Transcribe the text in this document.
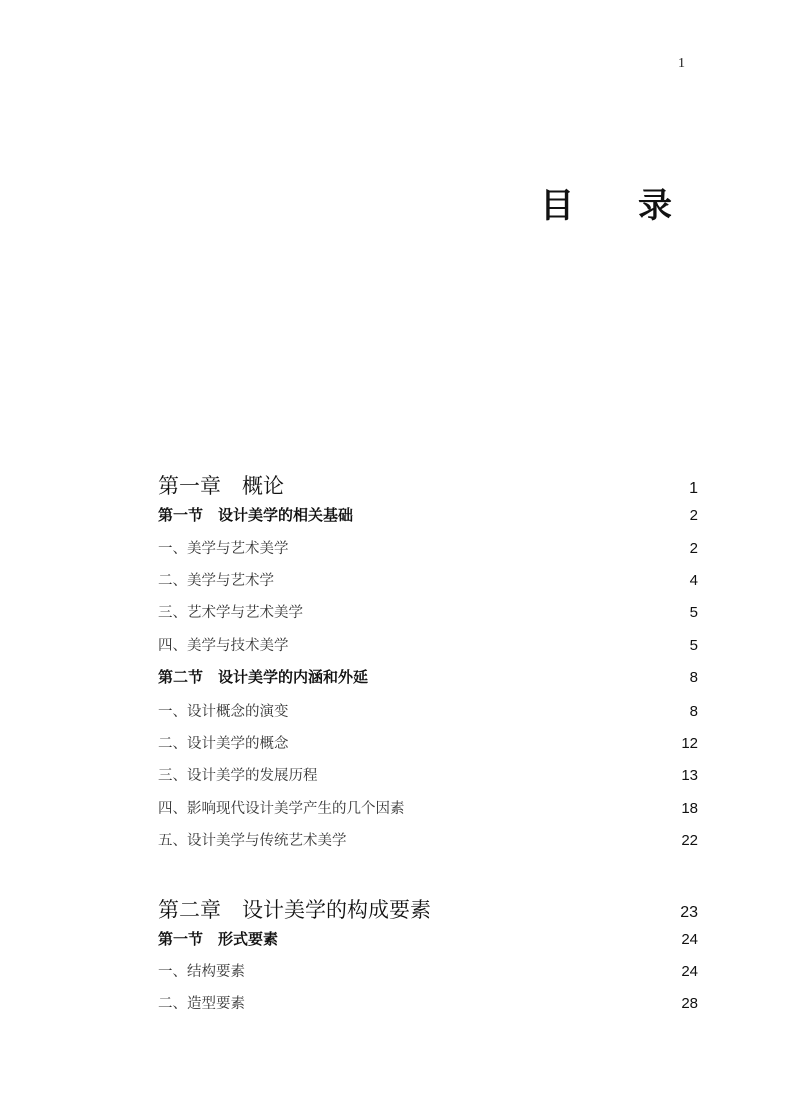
1
目 录
第一章　概论	1
第一节　设计美学的相关基础	2
一、美学与艺术美学	2
二、美学与艺术学	4
三、艺术学与艺术美学	5
四、美学与技术美学	5
第二节　设计美学的内涵和外延	8
一、设计概念的演变	8
二、设计美学的概念	12
三、设计美学的发展历程	13
四、影响现代设计美学产生的几个因素	18
五、设计美学与传统艺术美学	22
第二章　设计美学的构成要素	23
第一节　形式要素	24
一、结构要素	24
二、造型要素	28
